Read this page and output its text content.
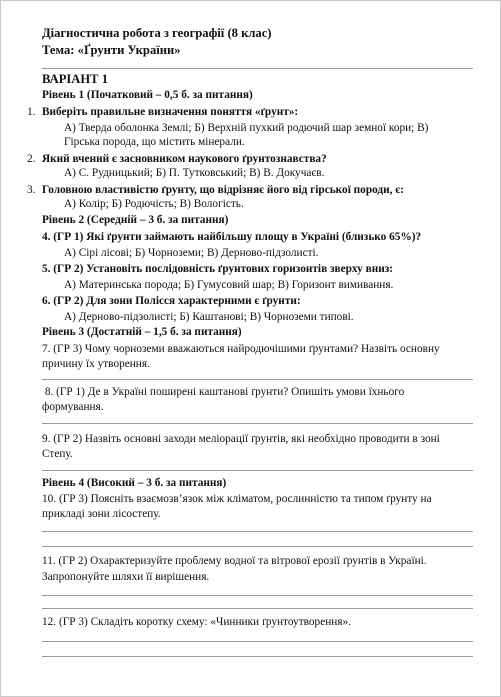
Діагностична робота з географії (8 клас)
Тема: «Ґрунти України»
ВАРІАНТ 1
Рівень 1 (Початковий – 0,5 б. за питання)
1. Виберіть правильне визначення поняття «ґрунт»:
А) Тверда оболонка Землі; Б) Верхній пухкий родючий шар земної кори; В)
Гірська порода, що містить мінерали.
2. Який вчений є засновником наукового ґрунтознавства?
А) С. Рудницький; Б) П. Тутковський; В) В. Докучаєв.
3. Головною властивістю ґрунту, що відрізняє його від гірської породи, є:
А) Колір; Б) Родючість; В) Вологість.
Рівень 2 (Середній – 3 б. за питання)
4. (ГР 1) Які ґрунти займають найбільшу площу в Україні (близько 65%)?
А) Сірі лісові; Б) Чорноземи; В) Дерново-підзолисті.
5. (ГР 2) Установіть послідовність ґрунтових горизонтів зверху вниз:
А) Материнська порода; Б) Гумусовий шар; В) Горизонт вимивання.
6. (ГР 2) Для зони Полісся характерними є ґрунти:
А) Дерново-підзолисті; Б) Каштанові; В) Чорноземи типові.
Рівень 3 (Достатній – 1,5 б. за питання)
7. (ГР 3) Чому чорноземи вважаються найродючішими ґрунтами? Назвіть основну
причину їх утворення.
8. (ГР 1) Де в Україні поширені каштанові ґрунти? Опишіть умови їхнього
формування.
9. (ГР 2) Назвіть основні заходи меліорації ґрунтів, які необхідно проводити в зоні
Степу.
Рівень 4 (Високий – 3 б. за питання)
10. (ГР 3) Поясніть взаємозв’язок між кліматом, рослинністю та типом ґрунту на
прикладі зони лісостепу.
11. (ГР 2) Охарактеризуйте проблему водної та вітрової ерозії ґрунтів в Україні.
Запропонуйте шляхи її вирішення.
12. (ГР 3) Складіть коротку схему: «Чинники ґрунтоутворення».
